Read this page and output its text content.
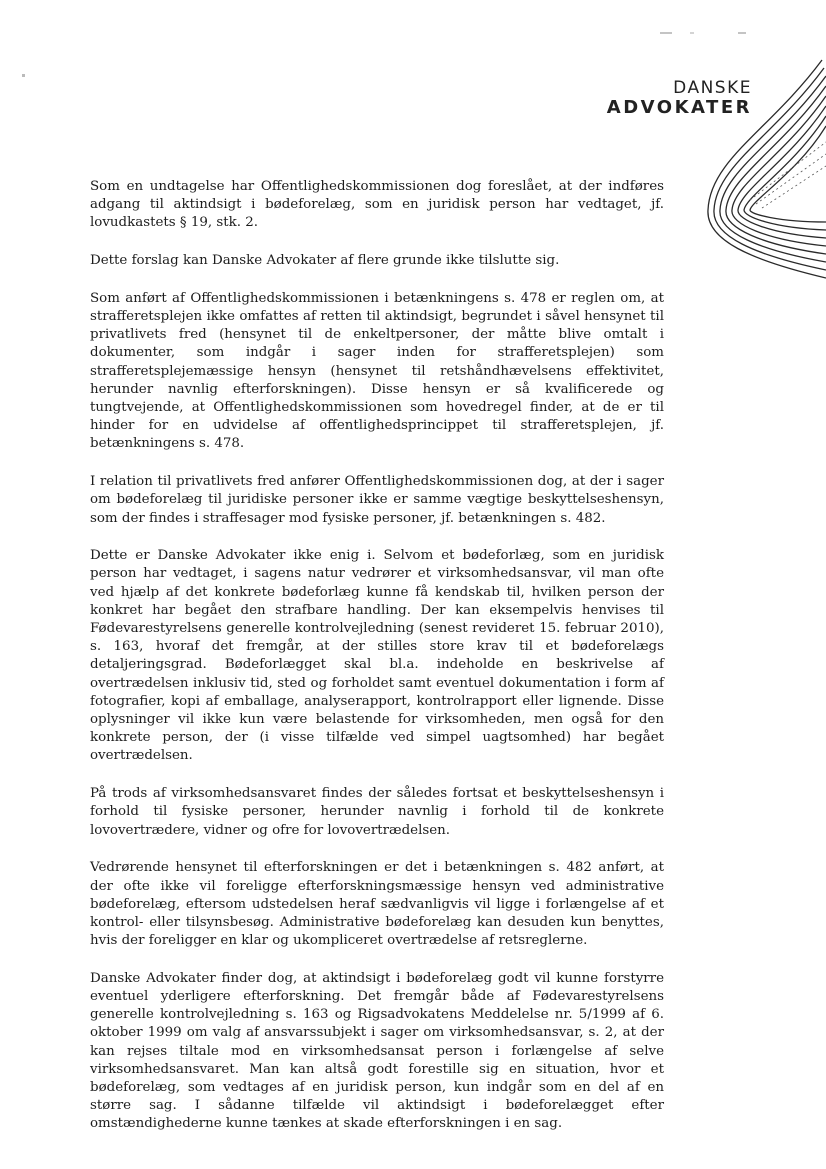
DANSKE
ADVOKATER

Som en undtagelse har Offentlighedskommissionen dog foreslået, at der indføres adgang til aktindsigt i bødeforelæg, som en juridisk person har vedtaget, jf. lovudkastets § 19, stk. 2.

Dette forslag kan Danske Advokater af flere grunde ikke tilslutte sig.

Som anført af Offentlighedskommissionen i betænkningens s. 478 er reglen om, at strafferetsplejen ikke omfattes af retten til aktindsigt, begrundet i såvel hensynet til privatlivets fred (hensynet til de enkeltpersoner, der måtte blive omtalt i dokumenter, som indgår i sager inden for strafferetsplejen) som strafferetsplejemæssige hensyn (hensynet til retshåndhævelsens effektivitet, herunder navnlig efterforskningen). Disse hensyn er så kvalificerede og tungtvejende, at Offentlighedskommissionen som hovedregel finder, at de er til hinder for en udvidelse af offentlighedsprincippet til strafferetsplejen, jf. betænkningens s. 478.

I relation til privatlivets fred anfører Offentlighedskommissionen dog, at der i sager om bødeforelæg til juridiske personer ikke er samme vægtige beskyttelseshensyn, som der findes i straffesager mod fysiske personer, jf. betænkningen s. 482.

Dette er Danske Advokater ikke enig i. Selvom et bødeforlæg, som en juridisk person har vedtaget, i sagens natur vedrører et virksomhedsansvar, vil man ofte ved hjælp af det konkrete bødeforlæg kunne få kendskab til, hvilken person der konkret har begået den strafbare handling. Der kan eksempelvis henvises til Fødevarestyrelsens generelle kontrolvejledning (senest revideret 15. februar 2010), s. 163, hvoraf det fremgår, at der stilles store krav til et bødeforelægs detaljeringsgrad. Bødeforlægget skal bl.a. indeholde en beskrivelse af overtrædelsen inklusiv tid, sted og forholdet samt eventuel dokumentation i form af fotografier, kopi af emballage, analyserapport, kontrolrapport eller lignende. Disse oplysninger vil ikke kun være belastende for virksomheden, men også for den konkrete person, der (i visse tilfælde ved simpel uagtsomhed) har begået overtrædelsen.

På trods af virksomhedsansvaret findes der således fortsat et beskyttelseshensyn i forhold til fysiske personer, herunder navnlig i forhold til de konkrete lovovertrædere, vidner og ofre for lovovertrædelsen.

Vedrørende hensynet til efterforskningen er det i betænkningen s. 482 anført, at der ofte ikke vil foreligge efterforskningsmæssige hensyn ved administrative bødeforelæg, eftersom udstedelsen heraf sædvanligvis vil ligge i forlængelse af et kontrol- eller tilsynsbesøg. Administrative bødeforelæg kan desuden kun benyttes, hvis der foreligger en klar og ukompliceret overtrædelse af retsreglerne.

Danske Advokater finder dog, at aktindsigt i bødeforelæg godt vil kunne forstyrre eventuel yderligere efterforskning. Det fremgår både af Fødevarestyrelsens generelle kontrolvejledning s. 163 og Rigsadvokatens Meddelelse nr. 5/1999 af 6. oktober 1999 om valg af ansvarssubjekt i sager om virksomhedsansvar, s. 2, at der kan rejses tiltale mod en virksomhedsansat person i forlængelse af selve virksomhedsansvaret. Man kan altså godt forestille sig en situation, hvor et bødeforelæg, som vedtages af en juridisk person, kun indgår som en del af en større sag. I sådanne tilfælde vil aktindsigt i bødeforelægget efter omstændighederne kunne tænkes at skade efterforskningen i en sag.
